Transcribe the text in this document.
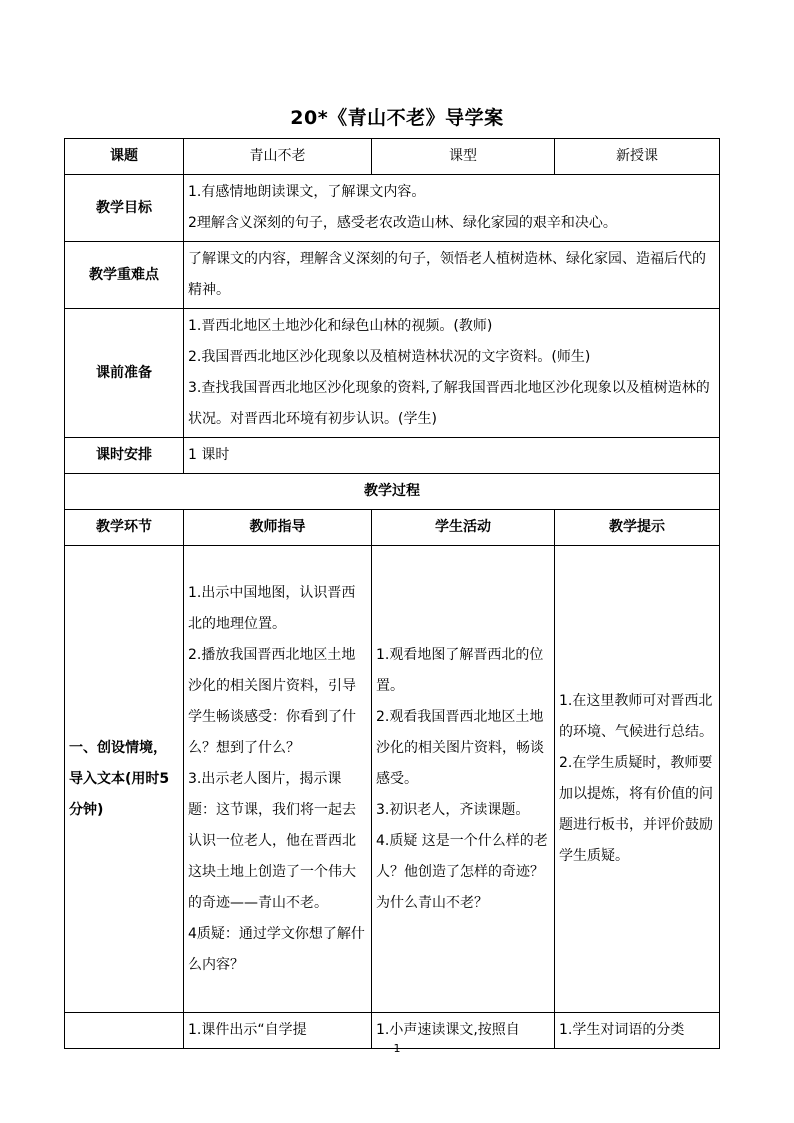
20*《青山不老》导学案
课题	青山不老	课型	新授课
教学目标	1.有感情地朗读课文，了解课文内容。
2理解含义深刻的句子，感受老农改造山林、绿化家园的艰辛和决心。		

教学重难点	了解课文的内容，理解含义深刻的句子，领悟老人植树造林、绿化家园、造福后代的精神。		
课前准备	1.晋西北地区土地沙化和绿色山林的视频。(教师)
2.我国晋西北地区沙化现象以及植树造林状况的文字资料。(师生)
3.查找我国晋西北地区沙化现象的资料,了解我国晋西北地区沙化现象以及植树造林的状况。对晋西北环境有初步认识。(学生)		

课时安排	1 课时		
教学过程			
教学环节	教师指导	学生活动	教学提示
一、创设情境，导入文本(用时5分钟)	1.出示中国地图，认识晋西北的地理位置。
2.播放我国晋西北地区土地沙化的相关图片资料，引导学生畅谈感受：你看到了什么？想到了什么？
3.出示老人图片，揭示课题：这节课，我们将一起去认识一位老人，他在晋西北这块土地上创造了一个伟大的奇迹——青山不老。
4质疑：通过学文你想了解什么内容？	1.观看地图了解晋西北的位置。
2.观看我国晋西北地区土地沙化的相关图片资料，畅谈感受。
3.初识老人，齐读课题。
4.质疑 这是一个什么样的老人？他创造了怎样的奇迹？为什么青山不老？	1.在这里教师可对晋西北的环境、气候进行总结。
2.在学生质疑时，教师要加以提炼，将有价值的问题进行板书，并评价鼓励学生质疑。

	1.课件出示“自学提	1.小声速读课文,按照自	1.学生对词语的分类
1
